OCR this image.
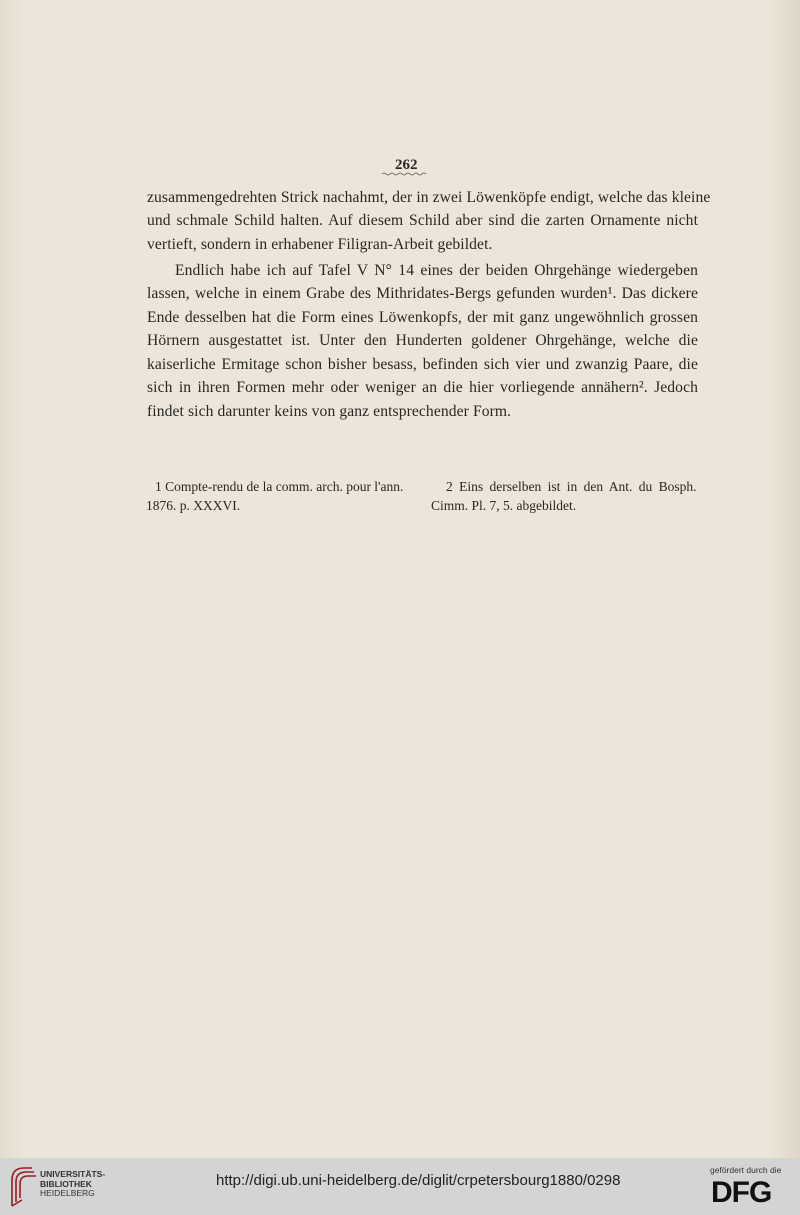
262
zusammengedrehten Strick nachahmt, der in zwei Löwenköpfe endigt, welche das kleine
und schmale Schild halten. Auf diesem Schild aber sind die zarten Ornamente nicht
vertieft, sondern in erhabener Filigran-Arbeit gebildet.
Endlich habe ich auf Tafel V N° 14 eines der beiden Ohrgehänge wiedergeben
lassen, welche in einem Grabe des Mithridates-Bergs gefunden wurden¹. Das dickere
Ende desselben hat die Form eines Löwenkopfs, der mit ganz ungewöhnlich grossen
Hörnern ausgestattet ist. Unter den Hunderten goldener Ohrgehänge, welche die
kaiserliche Ermitage schon bisher besass, befinden sich vier und zwanzig Paare, die
sich in ihren Formen mehr oder weniger an die hier vorliegende annähern². Jedoch
findet sich darunter keins von ganz entsprechender Form.
1 Compte-rendu de la comm. arch. pour l'ann.
1876. p. XXXVI.
2 Eins derselben ist in den Ant. du Bosph.
Cimm. Pl. 7, 5. abgebildet.
UNIVERSITÄTS-
BIBLIOTHEK
HEIDELBERG
http://digi.ub.uni-heidelberg.de/diglit/crpetersbourg1880/0298
gefördert durch die
DFG
